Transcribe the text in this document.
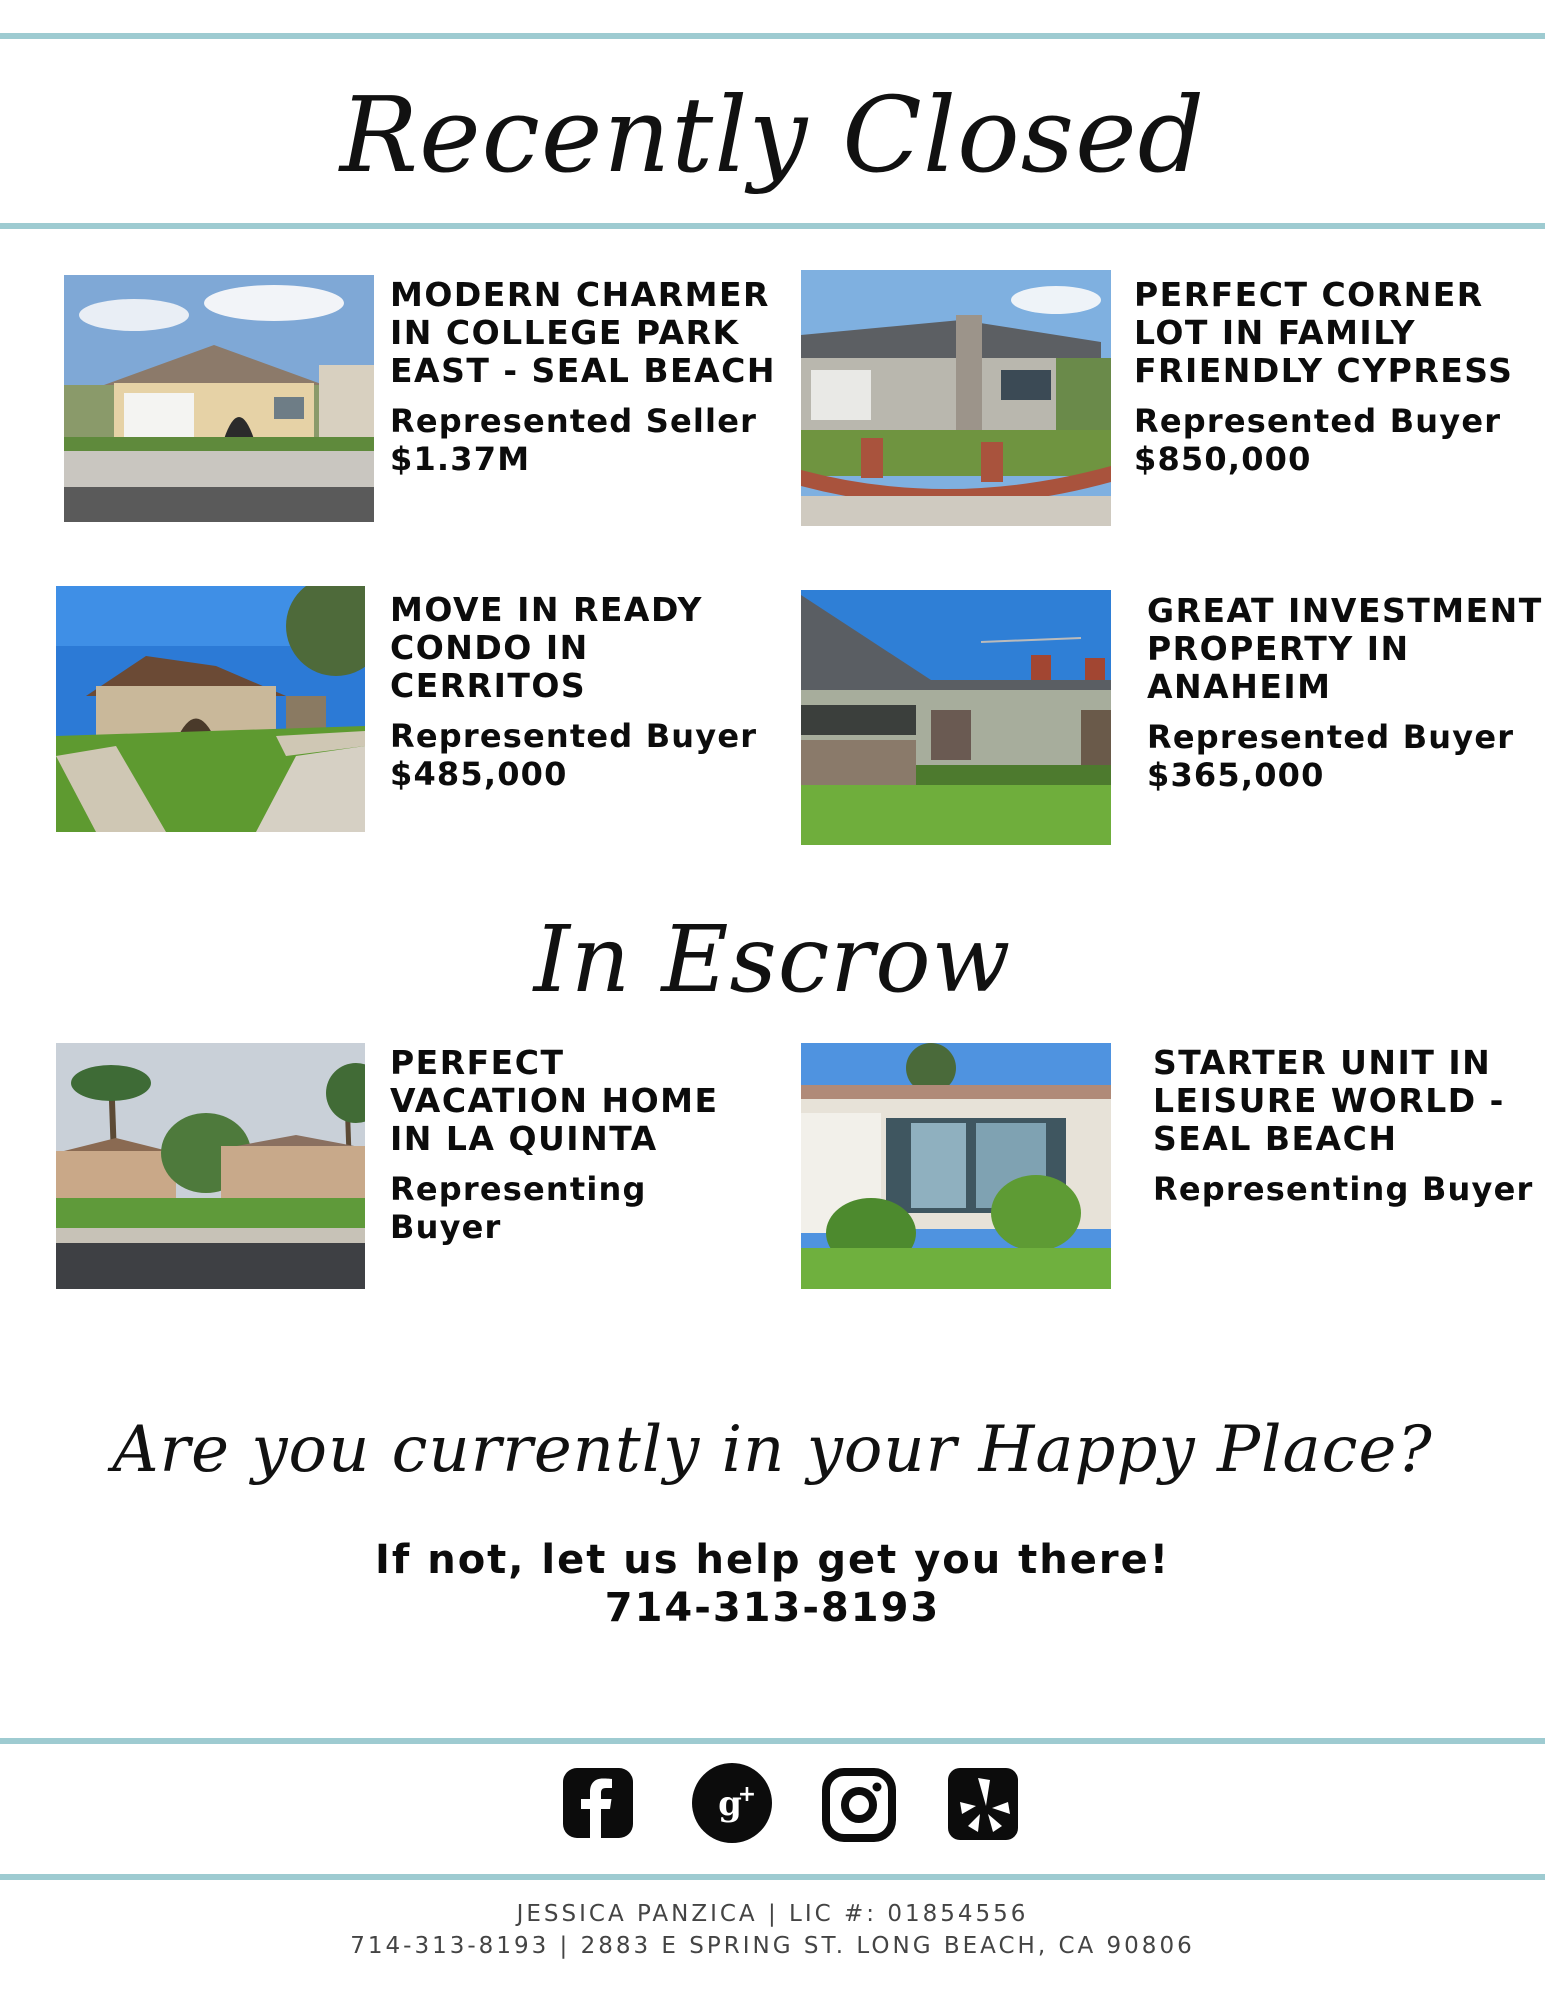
Recently Closed
MODERN CHARMER
IN COLLEGE PARK
EAST - SEAL BEACH
Represented Seller
$1.37M
PERFECT CORNER
LOT IN FAMILY
FRIENDLY CYPRESS
Represented Buyer
$850,000
MOVE IN READY
CONDO IN
CERRITOS
Represented Buyer
$485,000
GREAT INVESTMENT
PROPERTY IN
ANAHEIM
Represented Buyer
$365,000
In Escrow
PERFECT
VACATION HOME
IN LA QUINTA
Representing
Buyer
STARTER UNIT IN
LEISURE WORLD -
SEAL BEACH
Representing Buyer
Are you currently in your Happy Place?
If not, let us help get you there!
714-313-8193
g
+
JESSICA PANZICA | LIC #: 01854556
714-313-8193 | 2883 E SPRING ST. LONG BEACH, CA 90806
